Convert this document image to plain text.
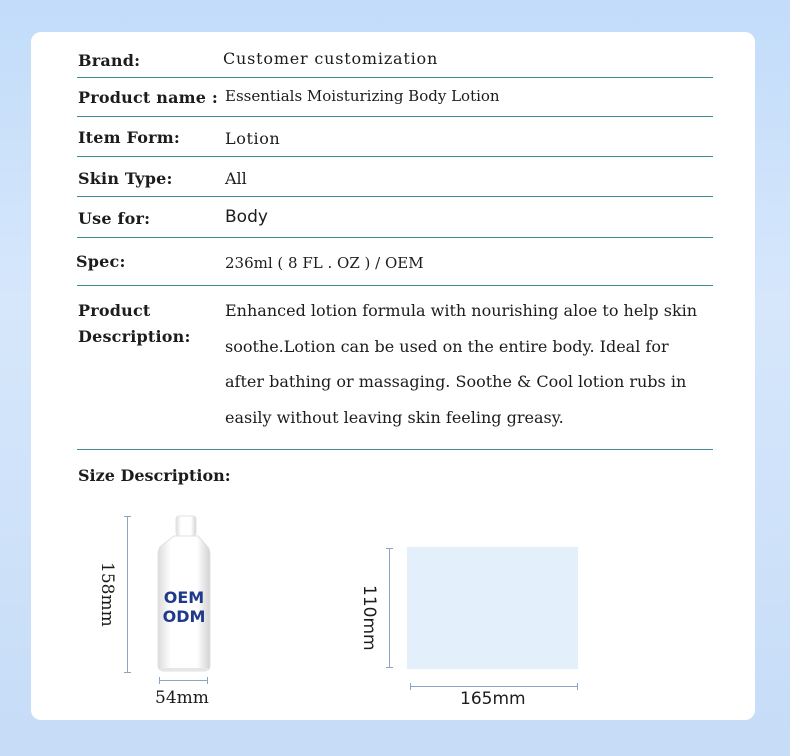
Brand:	Customer customization
Product name : Essentials Moisturizing Body Lotion
Item Form:	Lotion
Skin Type:	All
Use for:	Body
Spec:	236ml ( 8 FL . OZ ) / OEM
Product
Description:
Enhanced lotion formula with nourishing aloe to help skin soothe.Lotion can be used on the entire body. Ideal for after bathing or massaging. Soothe & Cool lotion rubs in easily without leaving skin feeling greasy.
Size Description:
158mm	OEM
ODM
54mm
110mm
165mm
